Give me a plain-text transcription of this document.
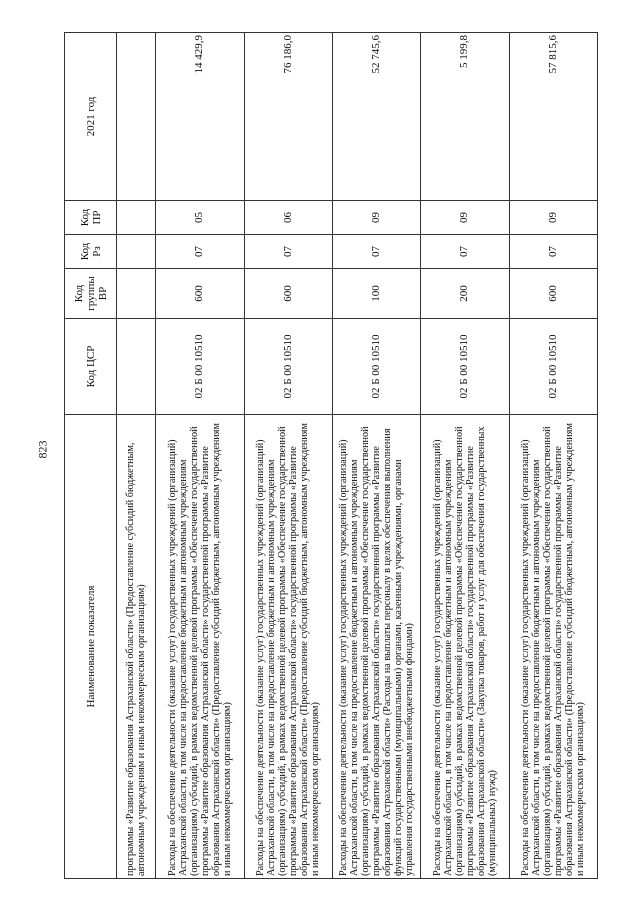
823
Наименование показателя	Код ЦСР	Код группы ВР	Код Рз	Код ПР	2021 год
программы «Развитие образования Астраханской области» (Предоставление субсидий бюджетным, автономным учреждениям и иным некоммерческим организациям)					
Расходы на обеспечение деятельности (оказание услуг) государственных учреждений (организаций) Астраханской области, в том числе на предоставление бюджетным и автономным учреждениям (организациям) субсидий, в рамках ведомственной целевой программы «Обеспечение государственной программы «Развитие образования Астраханской области» государственной программы «Развитие образования Астраханской области» (Предоставление субсидий бюджетным, автономным учреждениям и иным некоммерческим организациям)	02 Б 00 10510	600	07	05	14 429,9
Расходы на обеспечение деятельности (оказание услуг) государственных учреждений (организаций) Астраханской области, в том числе на предоставление бюджетным и автономным учреждениям (организациям) субсидий, в рамках ведомственной целевой программы «Обеспечение государственной программы «Развитие образования Астраханской области» государственной программы «Развитие образования Астраханской области» (Предоставление субсидий бюджетным, автономным учреждениям и иным некоммерческим организациям)	02 Б 00 10510	600	07	06	76 186,0
Расходы на обеспечение деятельности (оказание услуг) государственных учреждений (организаций) Астраханской области, в том числе на предоставление бюджетным и автономным учреждениям (организациям) субсидий, в рамках ведомственной целевой программы «Обеспечение государственной программы «Развитие образования Астраханской области» государственной программы «Развитие образования Астраханской области» (Расходы на выплаты персоналу в целях обеспечения выполнения функций государственными (муниципальными) органами, казенными учреждениями, органами управления государственными внебюджетными фондами)	02 Б 00 10510	100	07	09	52 745,6
Расходы на обеспечение деятельности (оказание услуг) государственных учреждений (организаций) Астраханской области, в том числе на предоставление бюджетным и автономным учреждениям (организациям) субсидий, в рамках ведомственной целевой программы «Обеспечение государственной программы «Развитие образования Астраханской области» государственной программы «Развитие образования Астраханской области» (Закупка товаров, работ и услуг для обеспечения государственных (муниципальных) нужд)	02 Б 00 10510	200	07	09	5 199,8
Расходы на обеспечение деятельности (оказание услуг) государственных учреждений (организаций) Астраханской области, в том числе на предоставление бюджетным и автономным учреждениям (организациям) субсидий, в рамках ведомственной целевой программы «Обеспечение государственной программы «Развитие образования Астраханской области» государственной программы «Развитие образования Астраханской области» (Предоставление субсидий бюджетным, автономным учреждениям и иным некоммерческим организациям)	02 Б 00 10510	600	07	09	57 815,6
